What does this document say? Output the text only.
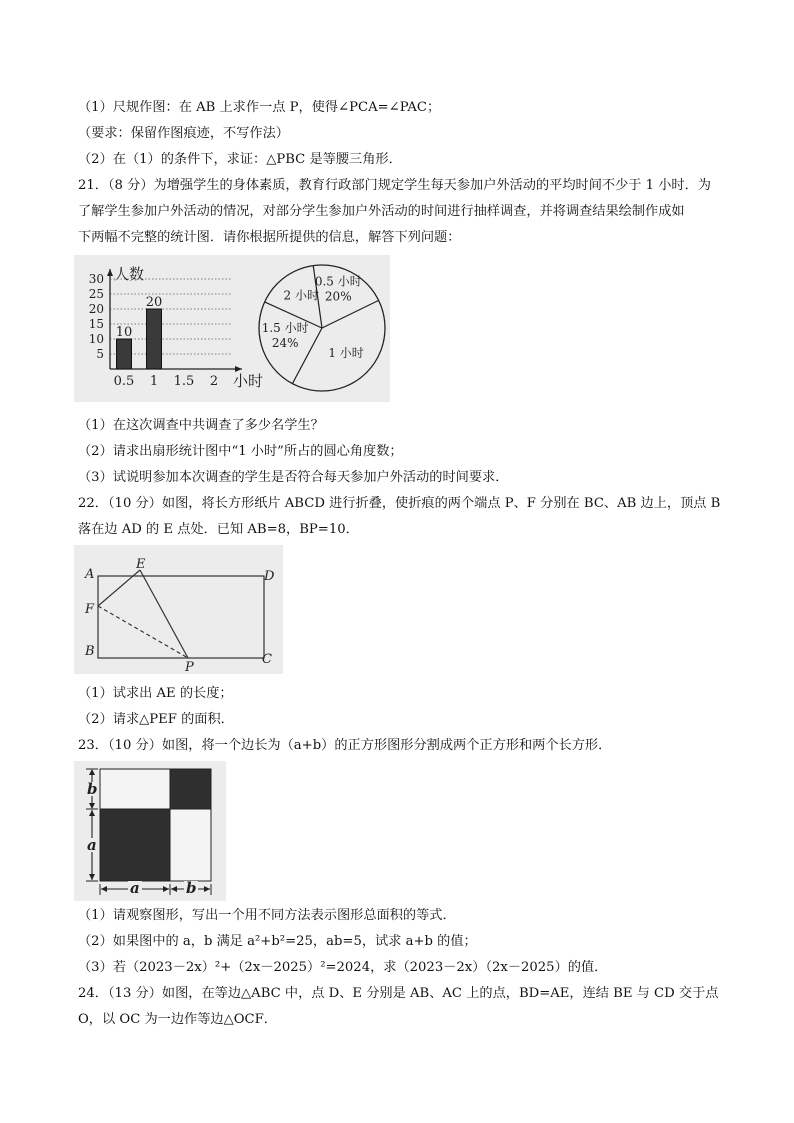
（1）尺规作图：在 AB 上求作一点 P，使得∠PCA=∠PAC；
（要求：保留作图痕迹，不写作法）
（2）在（1）的条件下，求证：△PBC 是等腰三角形．
21．（8 分）为增强学生的身体素质，教育行政部门规定学生每天参加户外活动的平均时间不少于 1 小时．为
了解学生参加户外活动的情况，对部分学生参加户外活动的时间进行抽样调查，并将调查结果绘制作成如
下两幅不完整的统计图．请你根据所提供的信息，解答下列问题：
人数
5
10
15
20
25
30
0.5
10
1
20
1.5 2 小时
0.5 小时
20%
1 小时
1.5 小时
24%
2 小时
（1）在这次调查中共调查了多少名学生？
（2）请求出扇形统计图中“1 小时”所占的圆心角度数；
（3）试说明参加本次调查的学生是否符合每天参加户外活动的时间要求．
22．（10 分）如图，将长方形纸片 ABCD 进行折叠，使折痕的两个端点 P、F 分别在 BC、AB 边上，顶点 B
落在边 AD 的 E 点处．已知 AB=8，BP=10．
A
E
D
F
B
P
C
（1）试求出 AE 的长度；
（2）请求△PEF 的面积．
23．（10 分）如图，将一个边长为（a+b）的正方形图形分割成两个正方形和两个长方形．
b
a
a	b
（1）请观察图形，写出一个用不同方法表示图形总面积的等式．
（2）如果图中的 a，b 满足 a²+b²=25，ab=5，试求 a+b 的值；
（3）若（2023－2x）²+（2x－2025）²=2024，求（2023－2x）（2x－2025）的值．
24．（13 分）如图，在等边△ABC 中，点 D、E 分别是 AB、AC 上的点，BD=AE，连结 BE 与 CD 交于点
O，以 OC 为一边作等边△OCF．
